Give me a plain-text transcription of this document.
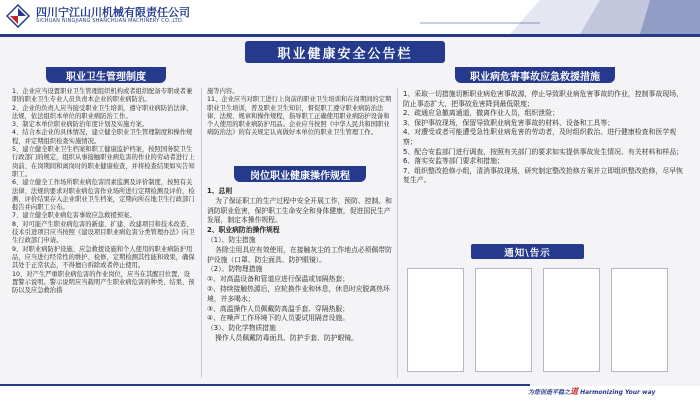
四川宁江山川机械有限责任公司
SICHUAN NINGJIANG SHANCHUAN MACHINERY CO.,LTD.
职业健康安全公告栏
职业卫生管理制度

1、企业应当设置职业卫生管理组织机构或者组织配备专职或者兼职的职业卫生专业人员负责本企业的职业病防治。

2、企业的负责人应当接受职业卫生培训，遵守职业病防治法律、法规，依法组织本单位的职业病防治工作。

3、制定本单位职业病防治年度计划及实施方案。

4、结合本企业的具体情况，建立健全职业卫生管理制度和操作规程，并定期组织检查实施情况。

5、建立健全职业卫生档案和职工健康监护档案，按照国务院卫生行政部门的规定，组织从事接触职业病危害的作业的劳动者进行上岗前、在岗期间和离岗时的职业健康检查，并将检查结果如实告知职工。

6、建立健全工作场所职业病危害因素监测及评价制度，按照有关法律、法规的要求对职业病危害作业场所进行定期检测及评价，检测、评价结果存入企业职业卫生档案，定期向所在地卫生行政部门报告并向职工公布。

7、建立健全职业病危害事故应急救援预案。

8、对可能产生职业病危害的新建、扩建、改建项目和技术改造、技术引进项目应当按照《建设项目职业病危害分类管理办法》向卫生行政部门申请。

9、对职业病防护设施、应急救援设施和个人使用的职业病防护用品，应当进行经常性的维护、检修，定期检测其性能和效果，确保其处于正常状态，不得擅自拆除或者停止使用。

10、对产生严重职业病危害的作业岗位，应当在其醒目位置，设置警示说明。警示说明应当载明产生职业病危害的种类、结果、预防以及应急救治措

施等内容。

11、企业应当对职工进行上岗前的职业卫生培训和在岗期间的定期职业卫生培训，普及职业卫生知识，督促职工遵守职业病防治法律、法规、规章和操作规程，指导职工正确使用职业病防护设备和个人使用的职业病防护用品。企业应当按照《中华人民共和国职业病防治法》的有关规定认真做好本单位的职业卫生管理工作。

岗位职业健康操作规程

1、总则

为了保证职工的生产过程中安全开展工作，预防、控制、和消防职业危害，保护职工生命安全和身体健康，促进国民生产发展，制定本操作规程。

2、职业病防治操作规程

（1）、防尘措施

各除尘用具应有效使用，在接触灰尘的工作地点必须佩带防护设施（口罩、防尘面具、防护眼镜）。

（2）、防物理措施

①、对高温设备和管道应进行保温或加隔热套；

②、持续接触热源后，应轮换作业和休息，休息时应脱离热环境，并多喝水；

③、高温操作人员佩戴防高温手套、穿隔热服；

④、在噪声工作环境下的人员要试用隔音设施。

（3）、防化学物质措施

操作人员佩戴防毒面具、防护手套、防护眼镜。

职业病危害事故应急救援措施

1、采取一切措施切断职业病危害事故源，停止导致职业病危害事故的作业，控制事故现场，防止事态扩大，把事故危害降到最低限度；

2、疏通应急撤离通道，撤离作业人员，组织泄险；

3、保护事故现场，保留导致职业病危害事故的材料、设备和工具等；

4、对遭受或者可能遭受急性职业病危害的劳动者，及时组织救治、进行健康检查和医学观察；

5、配合安监部门进行调查，按照有关部门的要求如实提供事故发生情况、有关材料和样品；

6、落实安监等部门要求和措施；

7、组织整改抢修小组，清消事故现场，研究制定整改抢修方案并立即组织整改抢修，尽早恢复生产。

通知\告示
为您创造平稳之道 Harmonizing Your way
